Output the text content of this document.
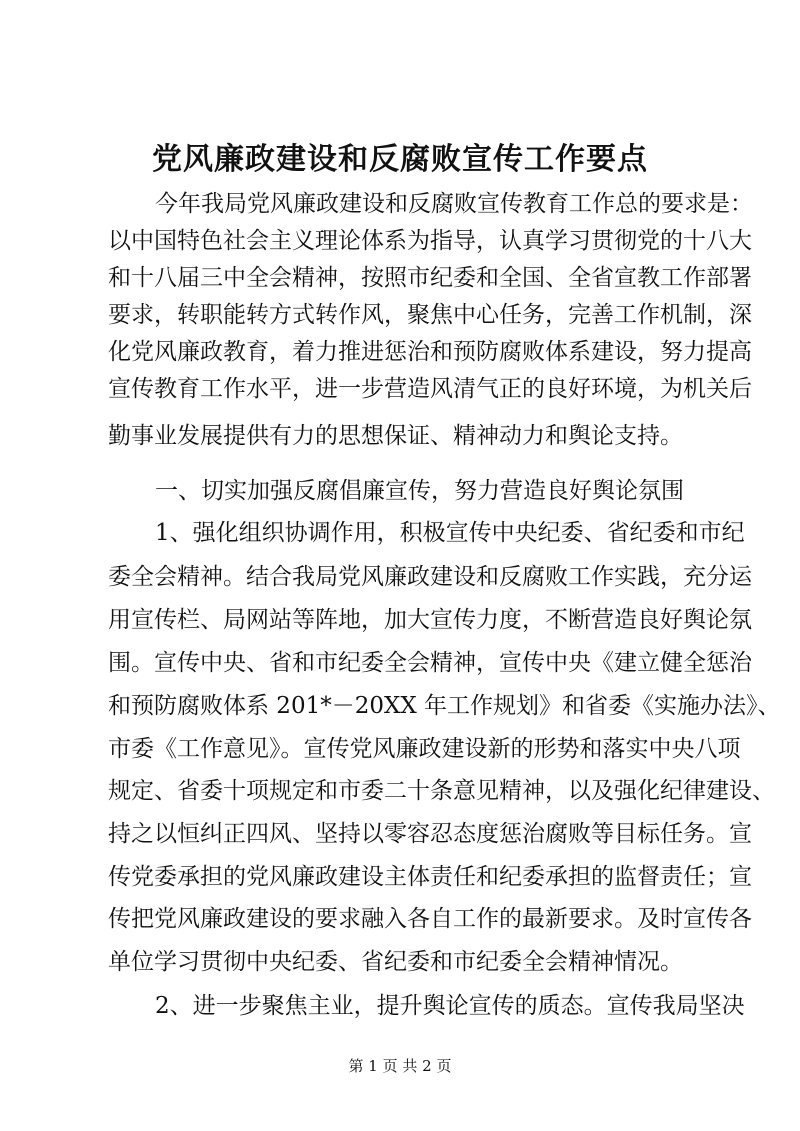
党风廉政建设和反腐败宣传工作要点
今年我局党风廉政建设和反腐败宣传教育工作总的要求是：
以中国特色社会主义理论体系为指导，认真学习贯彻党的十八大
和十八届三中全会精神，按照市纪委和全国、全省宣教工作部署
要求，转职能转方式转作风，聚焦中心任务，完善工作机制，深
化党风廉政教育，着力推进惩治和预防腐败体系建设，努力提高
宣传教育工作水平，进一步营造风清气正的良好环境，为机关后
勤事业发展提供有力的思想保证、精神动力和舆论支持。
一、切实加强反腐倡廉宣传，努力营造良好舆论氛围
1、强化组织协调作用，积极宣传中央纪委、省纪委和市纪
委全会精神。结合我局党风廉政建设和反腐败工作实践，充分运
用宣传栏、局网站等阵地，加大宣传力度，不断营造良好舆论氛
围。宣传中央、省和市纪委全会精神，宣传中央《建立健全惩治
和预防腐败体系 201*－20XX 年工作规划》和省委《实施办法》、
市委《工作意见》。宣传党风廉政建设新的形势和落实中央八项
规定、省委十项规定和市委二十条意见精神，以及强化纪律建设、
持之以恒纠正四风、坚持以零容忍态度惩治腐败等目标任务。宣
传党委承担的党风廉政建设主体责任和纪委承担的监督责任；宣
传把党风廉政建设的要求融入各自工作的最新要求。及时宣传各
单位学习贯彻中央纪委、省纪委和市纪委全会精神情况。
2、进一步聚焦主业，提升舆论宣传的质态。宣传我局坚决
第 1 页 共 2 页
